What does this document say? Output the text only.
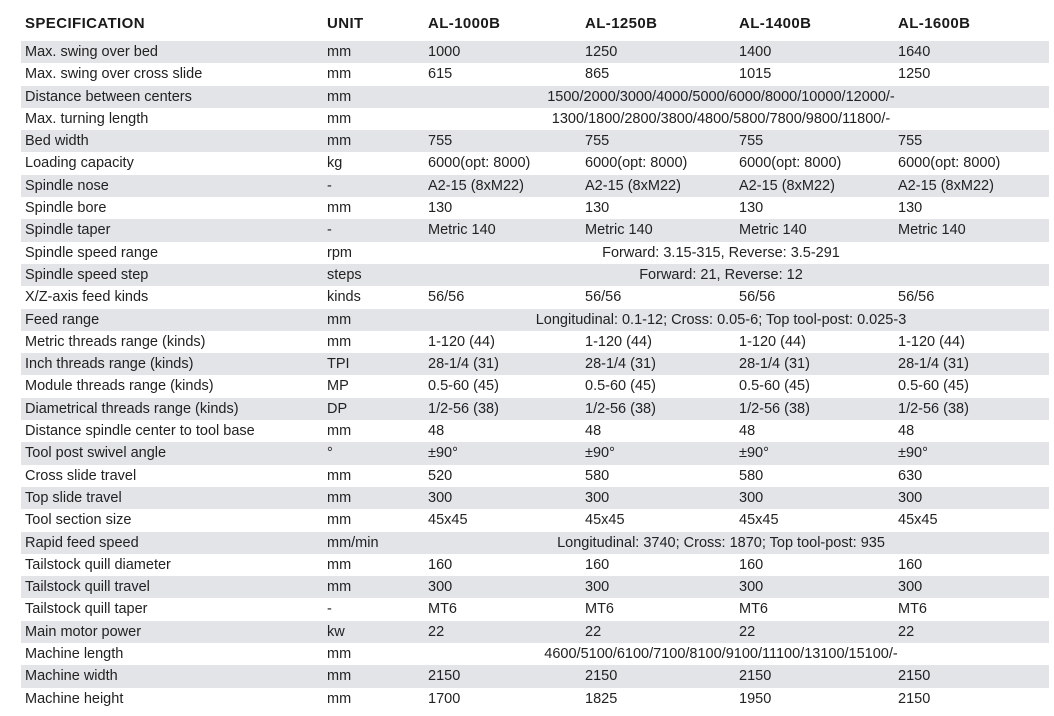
SPECIFICATION	UNIT	AL-1000B	AL-1250B	AL-1400B	AL-1600B
Max. swing over bed	mm	1000	1250	1400	1640
Max. swing over cross slide	mm	615	865	1015	1250
Distance between centers	mm	1500/2000/3000/4000/5000/6000/8000/10000/12000/-
Max. turning length	mm	1300/1800/2800/3800/4800/5800/7800/9800/11800/-
Bed width	mm	755	755	755	755
Loading capacity	kg	6000(opt: 8000)	6000(opt: 8000)	6000(opt: 8000)	6000(opt: 8000)
Spindle nose	-	A2-15 (8xM22)	A2-15 (8xM22)	A2-15 (8xM22)	A2-15 (8xM22)
Spindle bore	mm	130	130	130	130
Spindle taper	-	Metric 140	Metric 140	Metric 140	Metric 140
Spindle speed range	rpm	Forward: 3.15-315, Reverse: 3.5-291
Spindle speed step	steps	Forward: 21, Reverse: 12
X/Z-axis feed kinds	kinds	56/56	56/56	56/56	56/56
Feed range	mm	Longitudinal: 0.1-12; Cross: 0.05-6; Top tool-post: 0.025-3
Metric threads range (kinds)	mm	1-120 (44)	1-120 (44)	1-120 (44)	1-120 (44)
Inch threads range (kinds)	TPI	28-1/4 (31)	28-1/4 (31)	28-1/4 (31)	28-1/4 (31)
Module threads range (kinds)	MP	0.5-60 (45)	0.5-60 (45)	0.5-60 (45)	0.5-60 (45)
Diametrical threads range (kinds)	DP	1/2-56 (38)	1/2-56 (38)	1/2-56 (38)	1/2-56 (38)
Distance spindle center to tool base	mm	48	48	48	48
Tool post swivel angle	°	±90°	±90°	±90°	±90°
Cross slide travel	mm	520	580	580	630
Top slide travel	mm	300	300	300	300
Tool section size	mm	45x45	45x45	45x45	45x45
Rapid feed speed	mm/min	Longitudinal: 3740; Cross: 1870; Top tool-post: 935
Tailstock quill diameter	mm	160	160	160	160
Tailstock quill travel	mm	300	300	300	300
Tailstock quill taper	-	MT6	MT6	MT6	MT6
Main motor power	kw	22	22	22	22
Machine length	mm	4600/5100/6100/7100/8100/9100/11100/13100/15100/-
Machine width	mm	2150	2150	2150	2150
Machine height	mm	1700	1825	1950	2150
